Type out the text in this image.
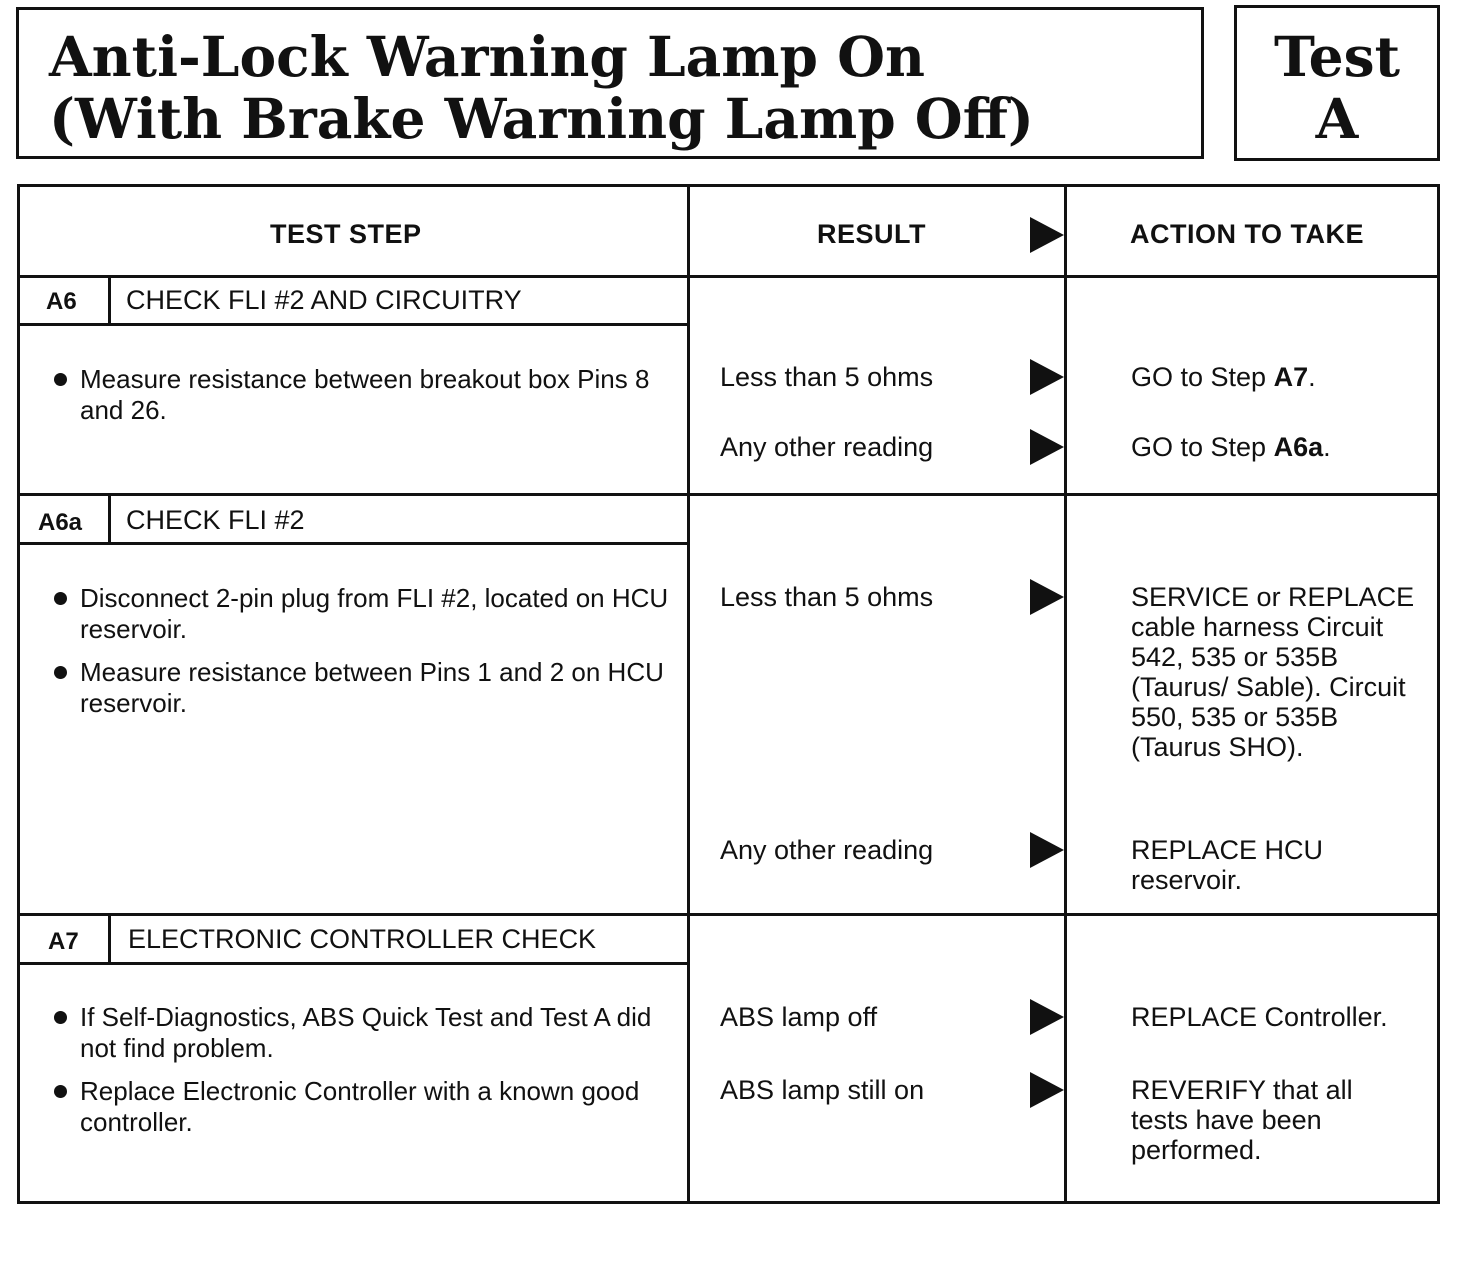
Anti-Lock Warning Lamp On
(With Brake Warning Lamp Off)
Test
A
TEST STEP	RESULT	ACTION TO TAKE
A6 CHECK FLI #2 AND CIRCUITRY
Measure resistance between breakout box Pins 8 and 26.
Less than 5 ohms	GO to Step A7.
Any other reading	GO to Step A6a.
A6a CHECK FLI #2
Disconnect 2-pin plug from FLI #2, located on HCU reservoir.
Measure resistance between Pins 1 and 2 on HCU reservoir.
Less than 5 ohms	SERVICE or REPLACE cable harness Circuit 542, 535 or 535B (Taurus/ Sable). Circuit 550, 535 or 535B (Taurus SHO).
Any other reading	REPLACE HCU reservoir.
A7 ELECTRONIC CONTROLLER CHECK
If Self-Diagnostics, ABS Quick Test and Test A did not find problem.
Replace Electronic Controller with a known good controller.
ABS lamp off	REPLACE Controller.
ABS lamp still on	REVERIFY that all tests have been performed.
